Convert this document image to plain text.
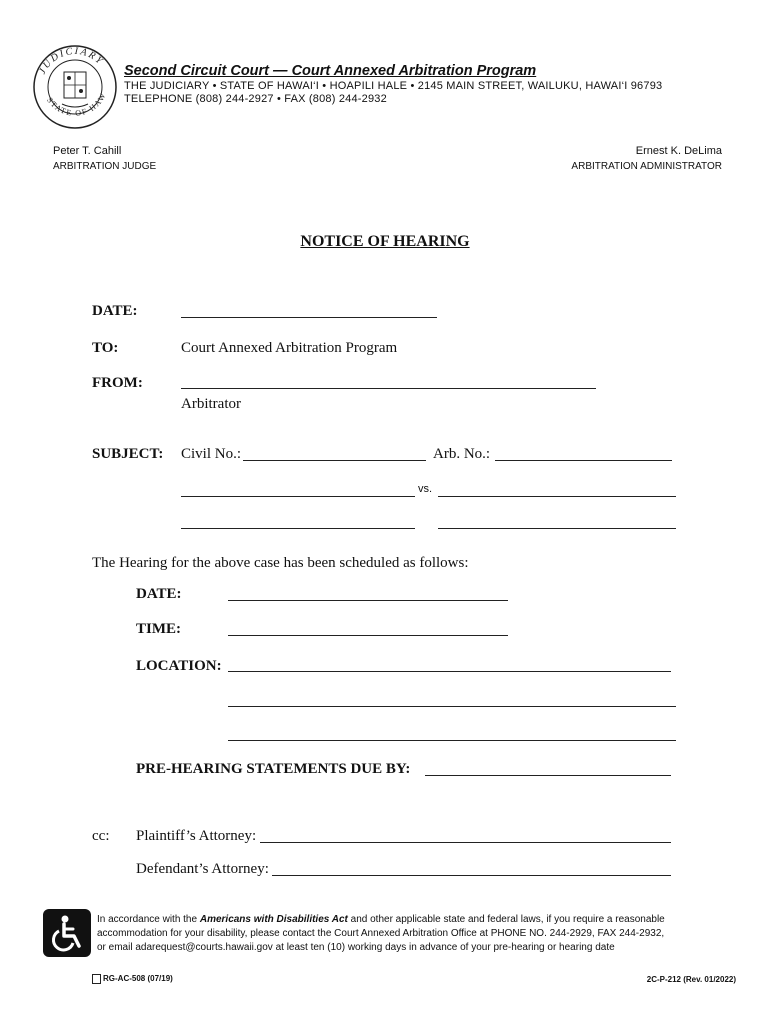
JUDICIARY
STATE OF HAW
Second Circuit Court — Court Annexed Arbitration Program
THE JUDICIARY • STATE OF HAWAI‘I • HOAPILI HALE • 2145 MAIN STREET, WAILUKU, HAWAI‘I 96793
TELEPHONE (808) 244-2927 • FAX (808) 244-2932
Peter T. Cahill
ARBITRATION JUDGE
Ernest K. DeLima
ARBITRATION ADMINISTRATOR
NOTICE OF HEARING
DATE:
TO:	Court Annexed Arbitration Program
FROM:
Arbitrator
SUBJECT: Civil No.:	Arb. No.:
vs.
The Hearing for the above case has been scheduled as follows:
DATE:
TIME:
LOCATION:
PRE-HEARING STATEMENTS DUE BY:
cc: Plaintiff’s Attorney:
Defendant’s Attorney:
In accordance with the Americans with Disabilities Act and other applicable state and federal laws, if you require a reasonable
accommodation for your disability, please contact the Court Annexed Arbitration Office at PHONE NO. 244-2929, FAX 244-2932,
or email adarequest@courts.hawaii.gov at least ten (10) working days in advance of your pre-hearing or hearing date
RG-AC-508 (07/19)	2C-P-212 (Rev. 01/2022)
